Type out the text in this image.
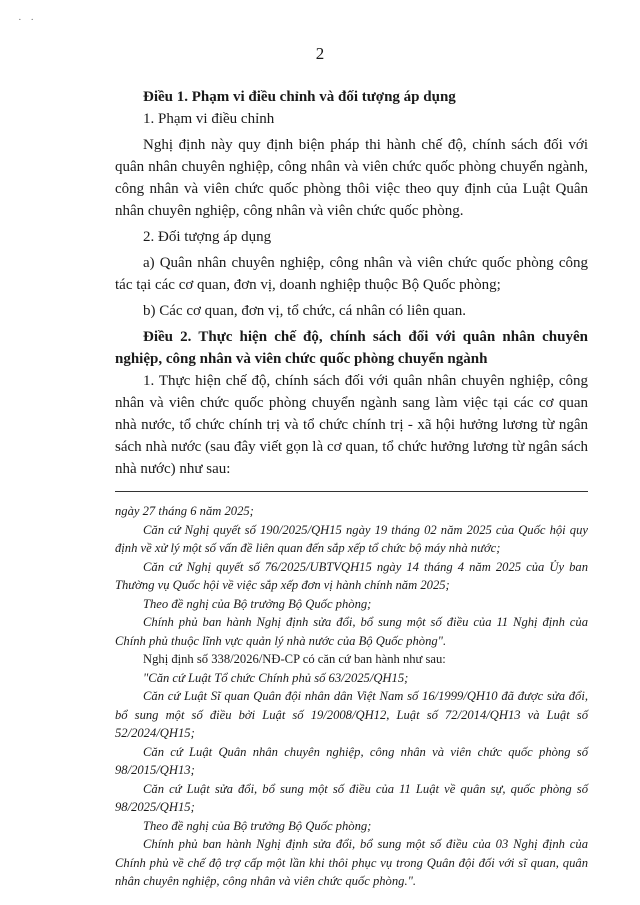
· ·
2

Điều 1. Phạm vi điều chỉnh và đối tượng áp dụng

1. Phạm vi điều chỉnh

Nghị định này quy định biện pháp thi hành chế độ, chính sách đối với quân nhân chuyên nghiệp, công nhân và viên chức quốc phòng chuyển ngành, công nhân và viên chức quốc phòng thôi việc theo quy định của Luật Quân nhân chuyên nghiệp, công nhân và viên chức quốc phòng.

2. Đối tượng áp dụng

a) Quân nhân chuyên nghiệp, công nhân và viên chức quốc phòng công tác tại các cơ quan, đơn vị, doanh nghiệp thuộc Bộ Quốc phòng;

b) Các cơ quan, đơn vị, tổ chức, cá nhân có liên quan.

Điều 2. Thực hiện chế độ, chính sách đối với quân nhân chuyên nghiệp, công nhân và viên chức quốc phòng chuyển ngành

1. Thực hiện chế độ, chính sách đối với quân nhân chuyên nghiệp, công nhân và viên chức quốc phòng chuyển ngành sang làm việc tại các cơ quan nhà nước, tổ chức chính trị và tổ chức chính trị - xã hội hưởng lương từ ngân sách nhà nước (sau đây viết gọn là cơ quan, tổ chức hưởng lương từ ngân sách nhà nước) như sau:

ngày 27 tháng 6 năm 2025;

Căn cứ Nghị quyết số 190/2025/QH15 ngày 19 tháng 02 năm 2025 của Quốc hội quy định về xử lý một số vấn đề liên quan đến sắp xếp tổ chức bộ máy nhà nước;

Căn cứ Nghị quyết số 76/2025/UBTVQH15 ngày 14 tháng 4 năm 2025 của Ủy ban Thường vụ Quốc hội về việc sắp xếp đơn vị hành chính năm 2025;

Theo đề nghị của Bộ trưởng Bộ Quốc phòng;

Chính phủ ban hành Nghị định sửa đổi, bổ sung một số điều của 11 Nghị định của Chính phủ thuộc lĩnh vực quản lý nhà nước của Bộ Quốc phòng".

Nghị định số 338/2026/NĐ-CP có căn cứ ban hành như sau:

"Căn cứ Luật Tổ chức Chính phủ số 63/2025/QH15;

Căn cứ Luật Sĩ quan Quân đội nhân dân Việt Nam số 16/1999/QH10 đã được sửa đổi, bổ sung một số điều bởi Luật số 19/2008/QH12, Luật số 72/2014/QH13 và Luật số 52/2024/QH15;

Căn cứ Luật Quân nhân chuyên nghiệp, công nhân và viên chức quốc phòng số 98/2015/QH13;

Căn cứ Luật sửa đổi, bổ sung một số điều của 11 Luật về quân sự, quốc phòng số 98/2025/QH15;

Theo đề nghị của Bộ trưởng Bộ Quốc phòng;

Chính phủ ban hành Nghị định sửa đổi, bổ sung một số điều của 03 Nghị định của Chính phủ về chế độ trợ cấp một lần khi thôi phục vụ trong Quân đội đối với sĩ quan, quân nhân chuyên nghiệp, công nhân và viên chức quốc phòng.".
